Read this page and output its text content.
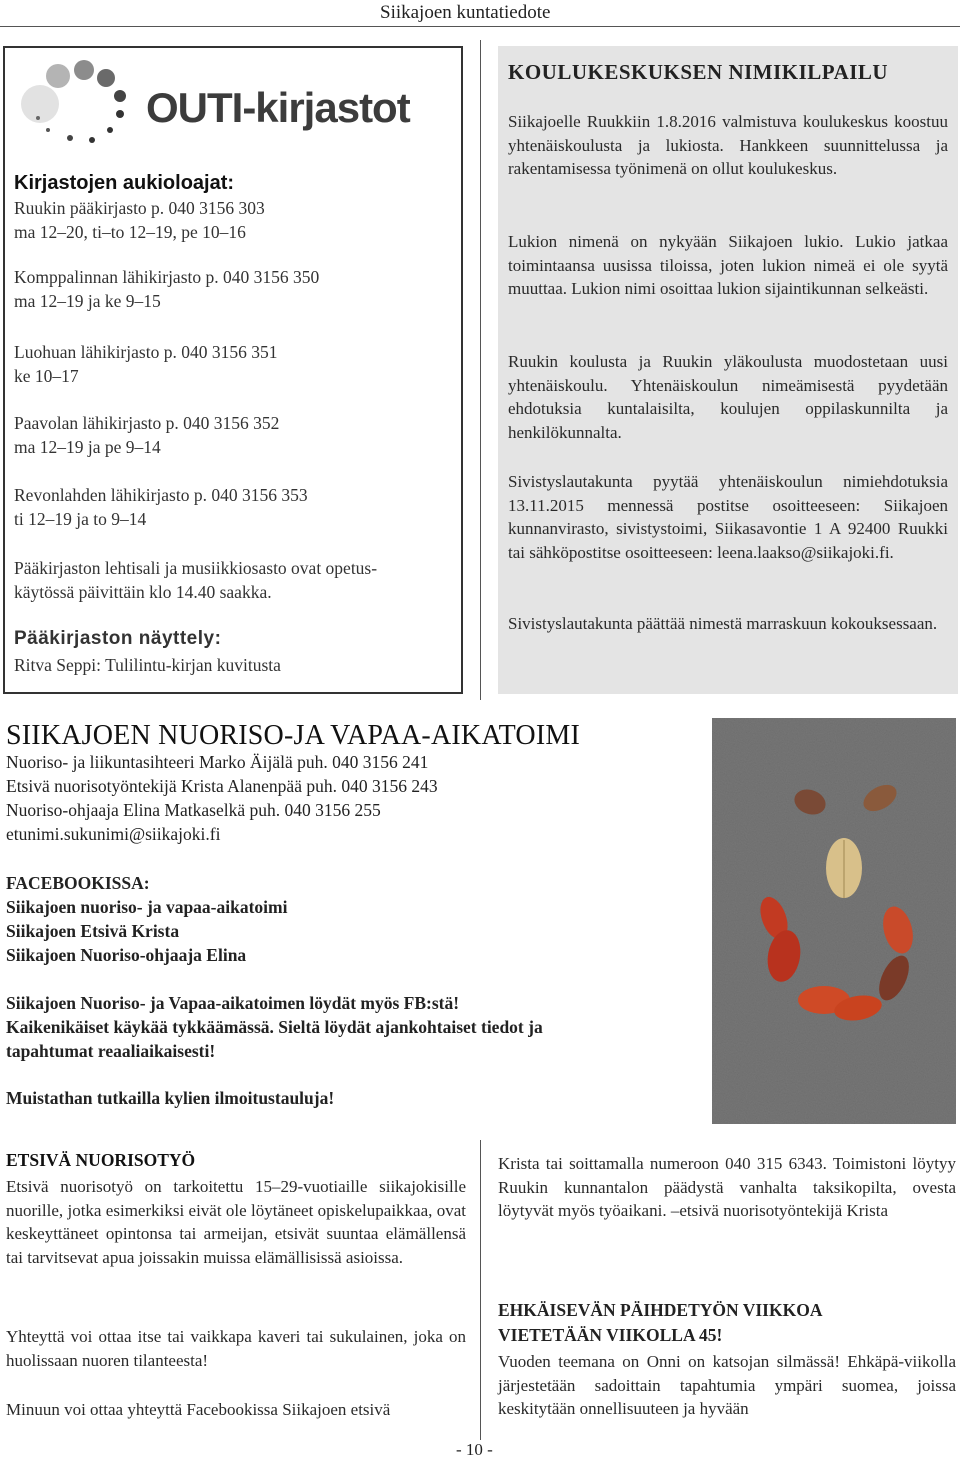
Siikajoen kuntatiedote
OUTI-kirjastot
Kirjastojen aukioloajat:
Ruukin pääkirjasto p. 040 3156 303
ma 12–20, ti–to 12–19, pe 10–16
Komppalinnan lähikirjasto p. 040 3156 350
ma 12–19 ja ke 9–15
Luohuan lähikirjasto p. 040 3156 351
ke 10–17
Paavolan lähikirjasto p. 040 3156 352
ma 12–19 ja pe 9–14
Revonlahden lähikirjasto p. 040 3156 353
ti 12–19 ja to 9–14
Pääkirjaston lehtisali ja musiikkiosasto ovat opetus-
käytössä päivittäin klo 14.40 saakka.
Pääkirjaston näyttely:
Ritva Seppi: Tulilintu-kirjan kuvitusta
KOULUKESKUKSEN NIMIKILPAILU
Siikajoelle Ruukkiin 1.8.2016 valmistuva koulukeskus koostuu yhtenäiskoulusta ja lukiosta. Hankkeen suunnittelussa ja rakentamisessa työnimenä on ollut koulukeskus.
Lukion nimenä on nykyään Siikajoen lukio. Lukio jatkaa toimintaansa uusissa tiloissa, joten lukion nimeä ei ole syytä muuttaa. Lukion nimi osoittaa lukion sijaintikunnan selkeästi.
Ruukin koulusta ja Ruukin yläkoulusta muodostetaan uusi yhtenäiskoulu. Yhtenäiskoulun nimeämisestä pyydetään ehdotuksia kuntalaisilta, koulujen oppilaskunnilta ja henkilökunnalta.
Sivistyslautakunta pyytää yhtenäiskoulun nimiehdotuksia 13.11.2015 mennessä postitse osoitteeseen: Siikajoen kunnanvirasto, sivistystoimi, Siikasavontie 1 A 92400 Ruukki tai sähköpostitse osoitteeseen: leena.laakso@siikajoki.fi.
Sivistyslautakunta päättää nimestä marraskuun kokouksessaan.
SIIKAJOEN NUORISO-JA VAPAA-AIKATOIMI
Nuoriso- ja liikuntasihteeri Marko Äijälä puh. 040 3156 241
Etsivä nuorisotyöntekijä Krista Alanenpää puh. 040 3156 243
Nuoriso-ohjaaja Elina Matkaselkä puh. 040 3156 255
etunimi.sukunimi@siikajoki.fi
FACEBOOKISSA:
Siikajoen nuoriso- ja vapaa-aikatoimi
Siikajoen Etsivä Krista
Siikajoen Nuoriso-ohjaaja Elina
Siikajoen Nuoriso- ja Vapaa-aikatoimen löydät myös FB:stä!
Kaikenikäiset käykää tykkäämässä. Sieltä löydät ajankohtaiset tiedot ja
tapahtumat reaaliaikaisesti!
Muistathan tutkailla kylien ilmoitustauluja!
ETSIVÄ NUORISOTYÖ
Etsivä nuorisotyö on tarkoitettu 15–29-vuotiaille siikajokisille nuorille, jotka esimerkiksi eivät ole löytäneet opiskelupaikkaa, ovat keskeyttäneet opintonsa tai armeijan, etsivät suuntaa elämällensä tai tarvitsevat apua joissakin muissa elämällisissä asioissa.
Yhteyttä voi ottaa itse tai vaikkapa kaveri tai sukulainen, joka on huolissaan nuoren tilanteesta!
Minuun voi ottaa yhteyttä Facebookissa Siikajoen etsivä
Krista tai soittamalla numeroon 040 315 6343. Toimistoni löytyy Ruukin kunnantalon päädystä vanhalta taksikopilta, ovesta löytyvät myös työaikani. –etsivä nuorisotyöntekijä Krista
EHKÄISEVÄN PÄIHDETYÖN VIIKKOA
VIETETÄÄN VIIKOLLA 45!
Vuoden teemana on Onni on katsojan silmässä! Ehkäpä-viikolla järjestetään sadoittain tapahtumia ympäri suomea, joissa keskitytään onnellisuuteen ja hyvään
- 10 -
